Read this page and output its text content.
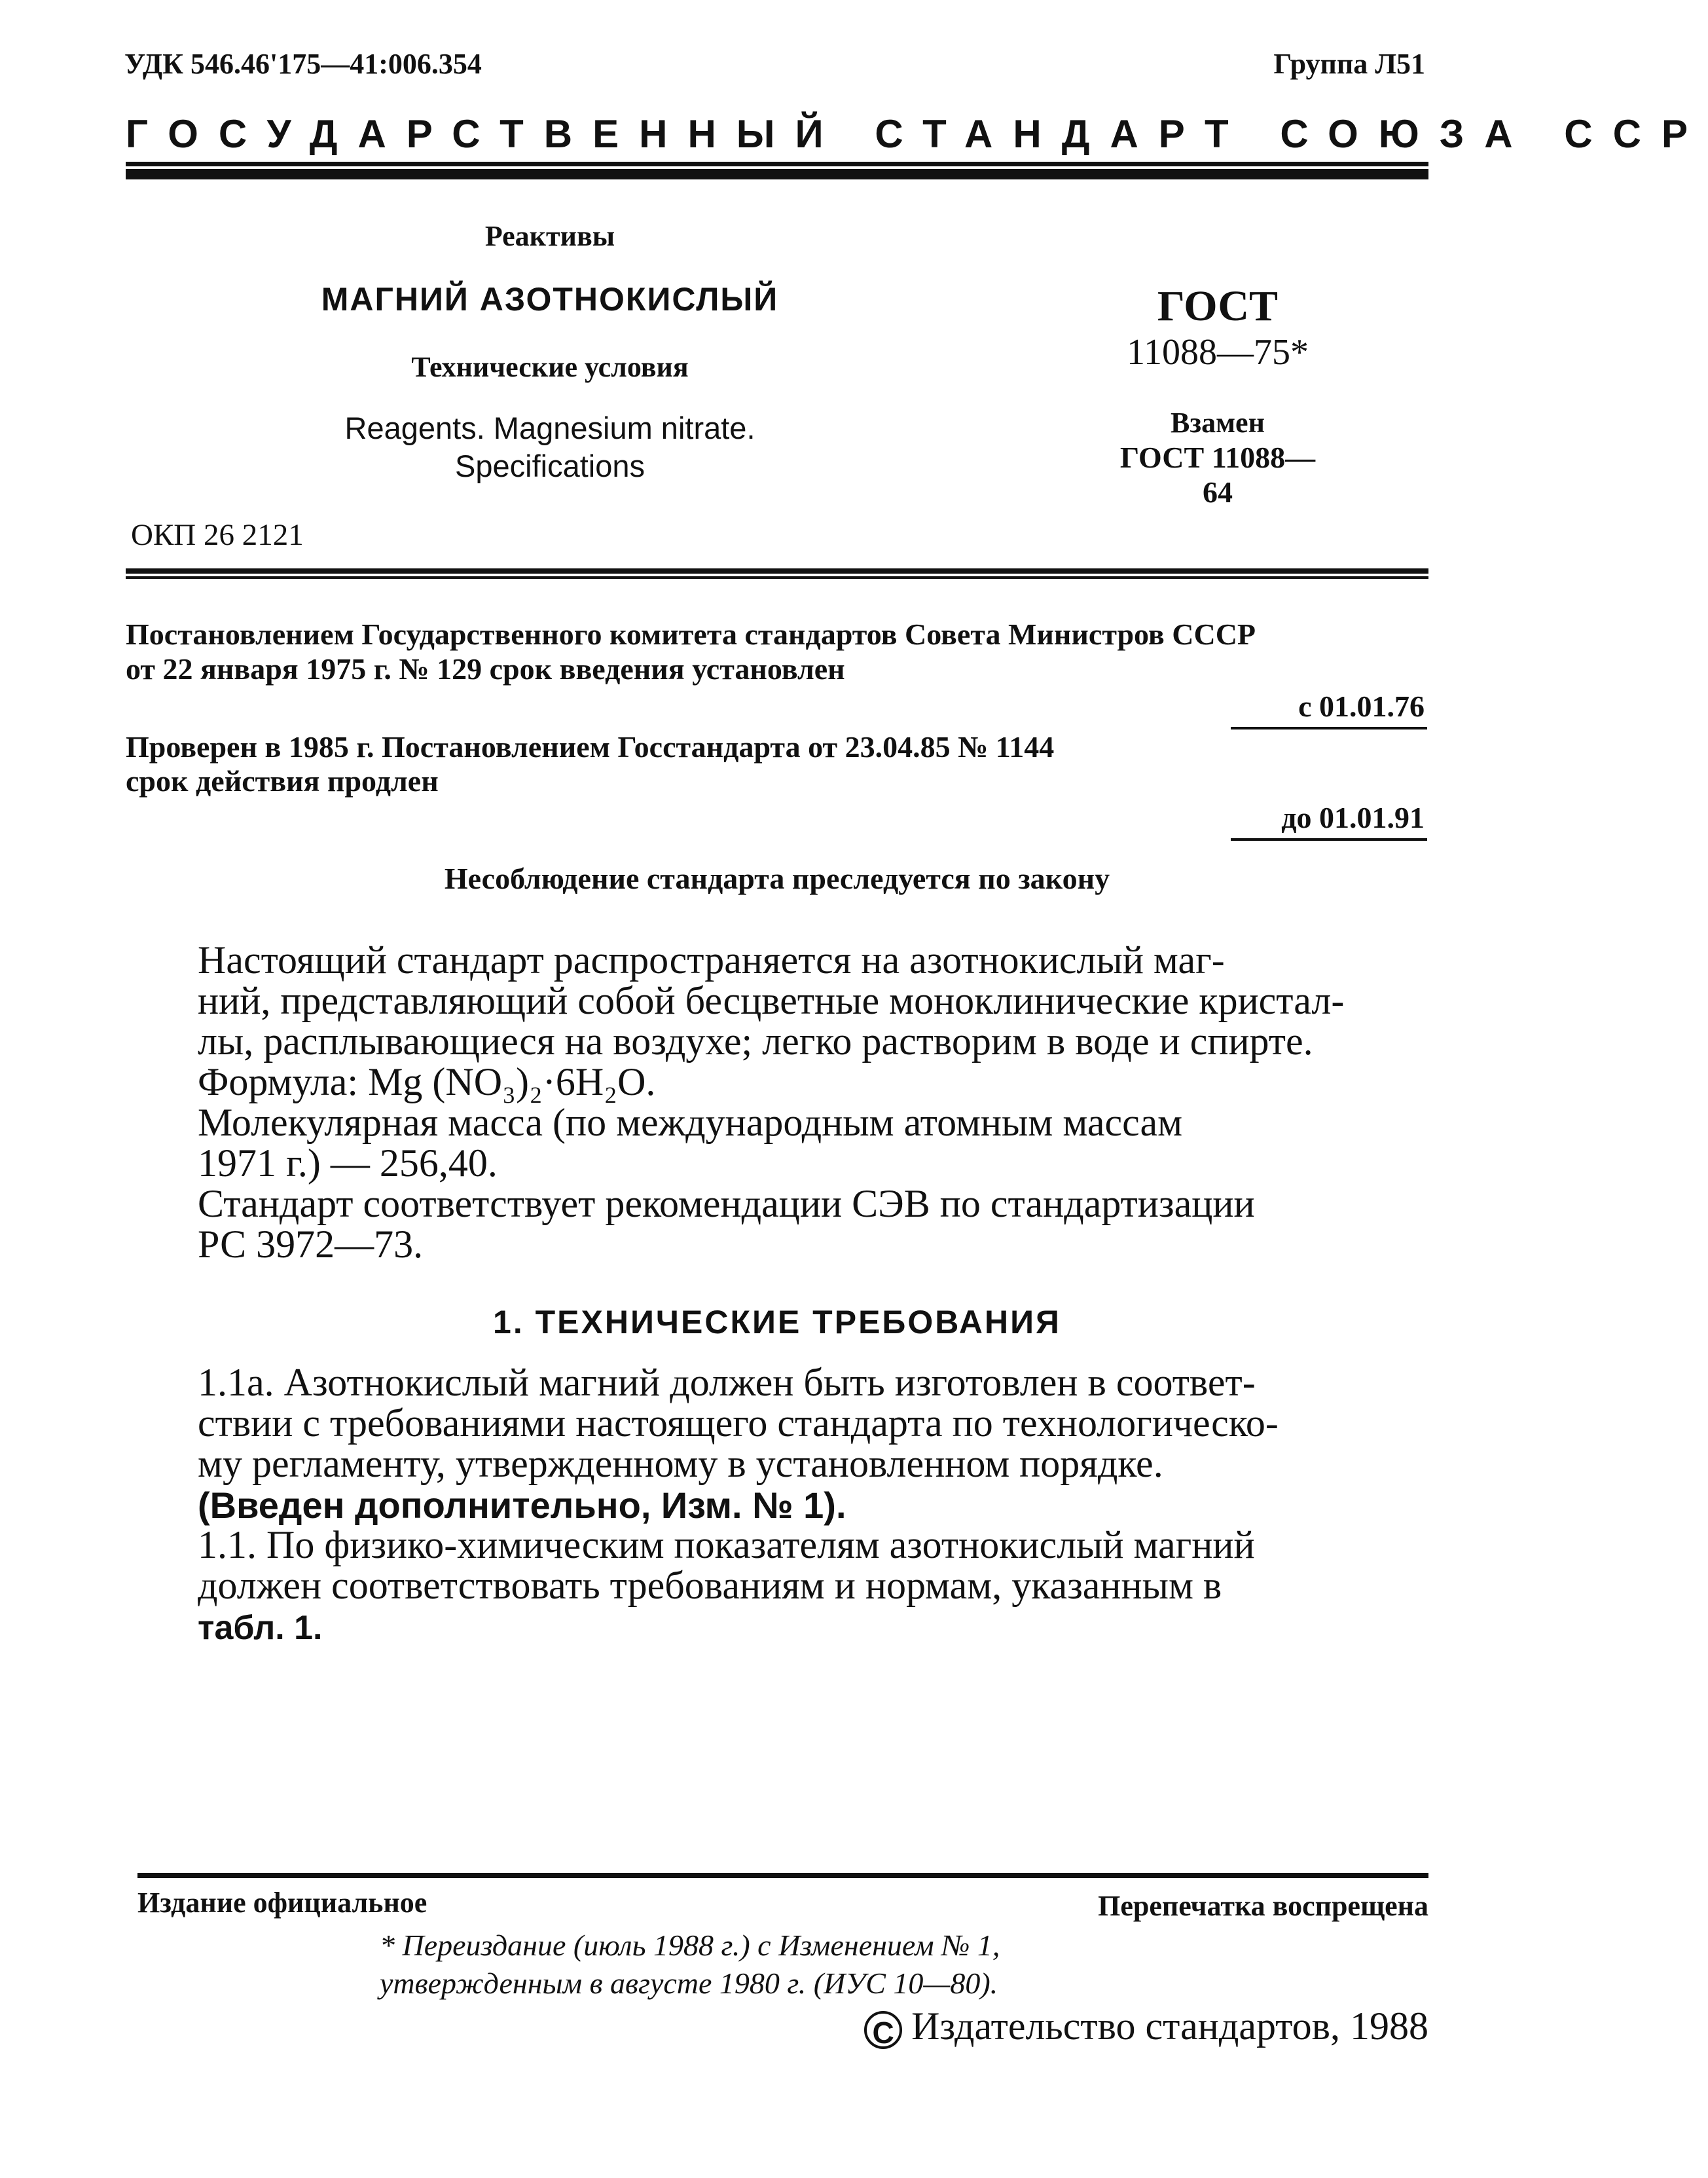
УДК 546.46'175—41:006.354	Группа Л51
ГОСУДАРСТВЕННЫЙ СТАНДАРТ СОЮЗА ССР
Реактивы
МАГНИЙ АЗОТНОКИСЛЫЙ
Технические условия
Reagents. Magnesium nitrate.
Specifications
ОКП 26 2121
ГОСТ
11088—75*
Взамен
ГОСТ 11088—64
Постановлением Государственного комитета стандартов Совета Министров СССР
от 22 января 1975 г. № 129 срок введения установлен
с 01.01.76
Проверен в 1985 г. Постановлением Госстандарта от 23.04.85 № 1144
срок действия продлен
до 01.01.91
Несоблюдение стандарта преследуется по закону
Настоящий стандарт распространяется на азотнокислый маг-
ний, представляющий собой бесцветные моноклинические кристал-
лы, расплывающиеся на воздухе; легко растворим в воде и спирте.
Формула: Mg (NO₃)₂·6H₂O.
Молекулярная масса (по международным атомным массам
1971 г.) — 256,40.
Стандарт соответствует рекомендации СЭВ по стандартизации
РС 3972—73.
1. ТЕХНИЧЕСКИЕ ТРЕБОВАНИЯ
1.1а. Азотнокислый магний должен быть изготовлен в соответ-
ствии с требованиями настоящего стандарта по технологическо-
му регламенту, утвержденному в установленном порядке.
(Введен дополнительно, Изм. № 1).
1.1. По физико-химическим показателям азотнокислый магний
должен соответствовать требованиям и нормам, указанным в
табл. 1.
Издание официальное	Перепечатка воспрещена
* Переиздание (июль 1988 г.) с Изменением № 1,
утвержденным в августе 1980 г. (ИУС 10—80).
C Издательство стандартов, 1988
